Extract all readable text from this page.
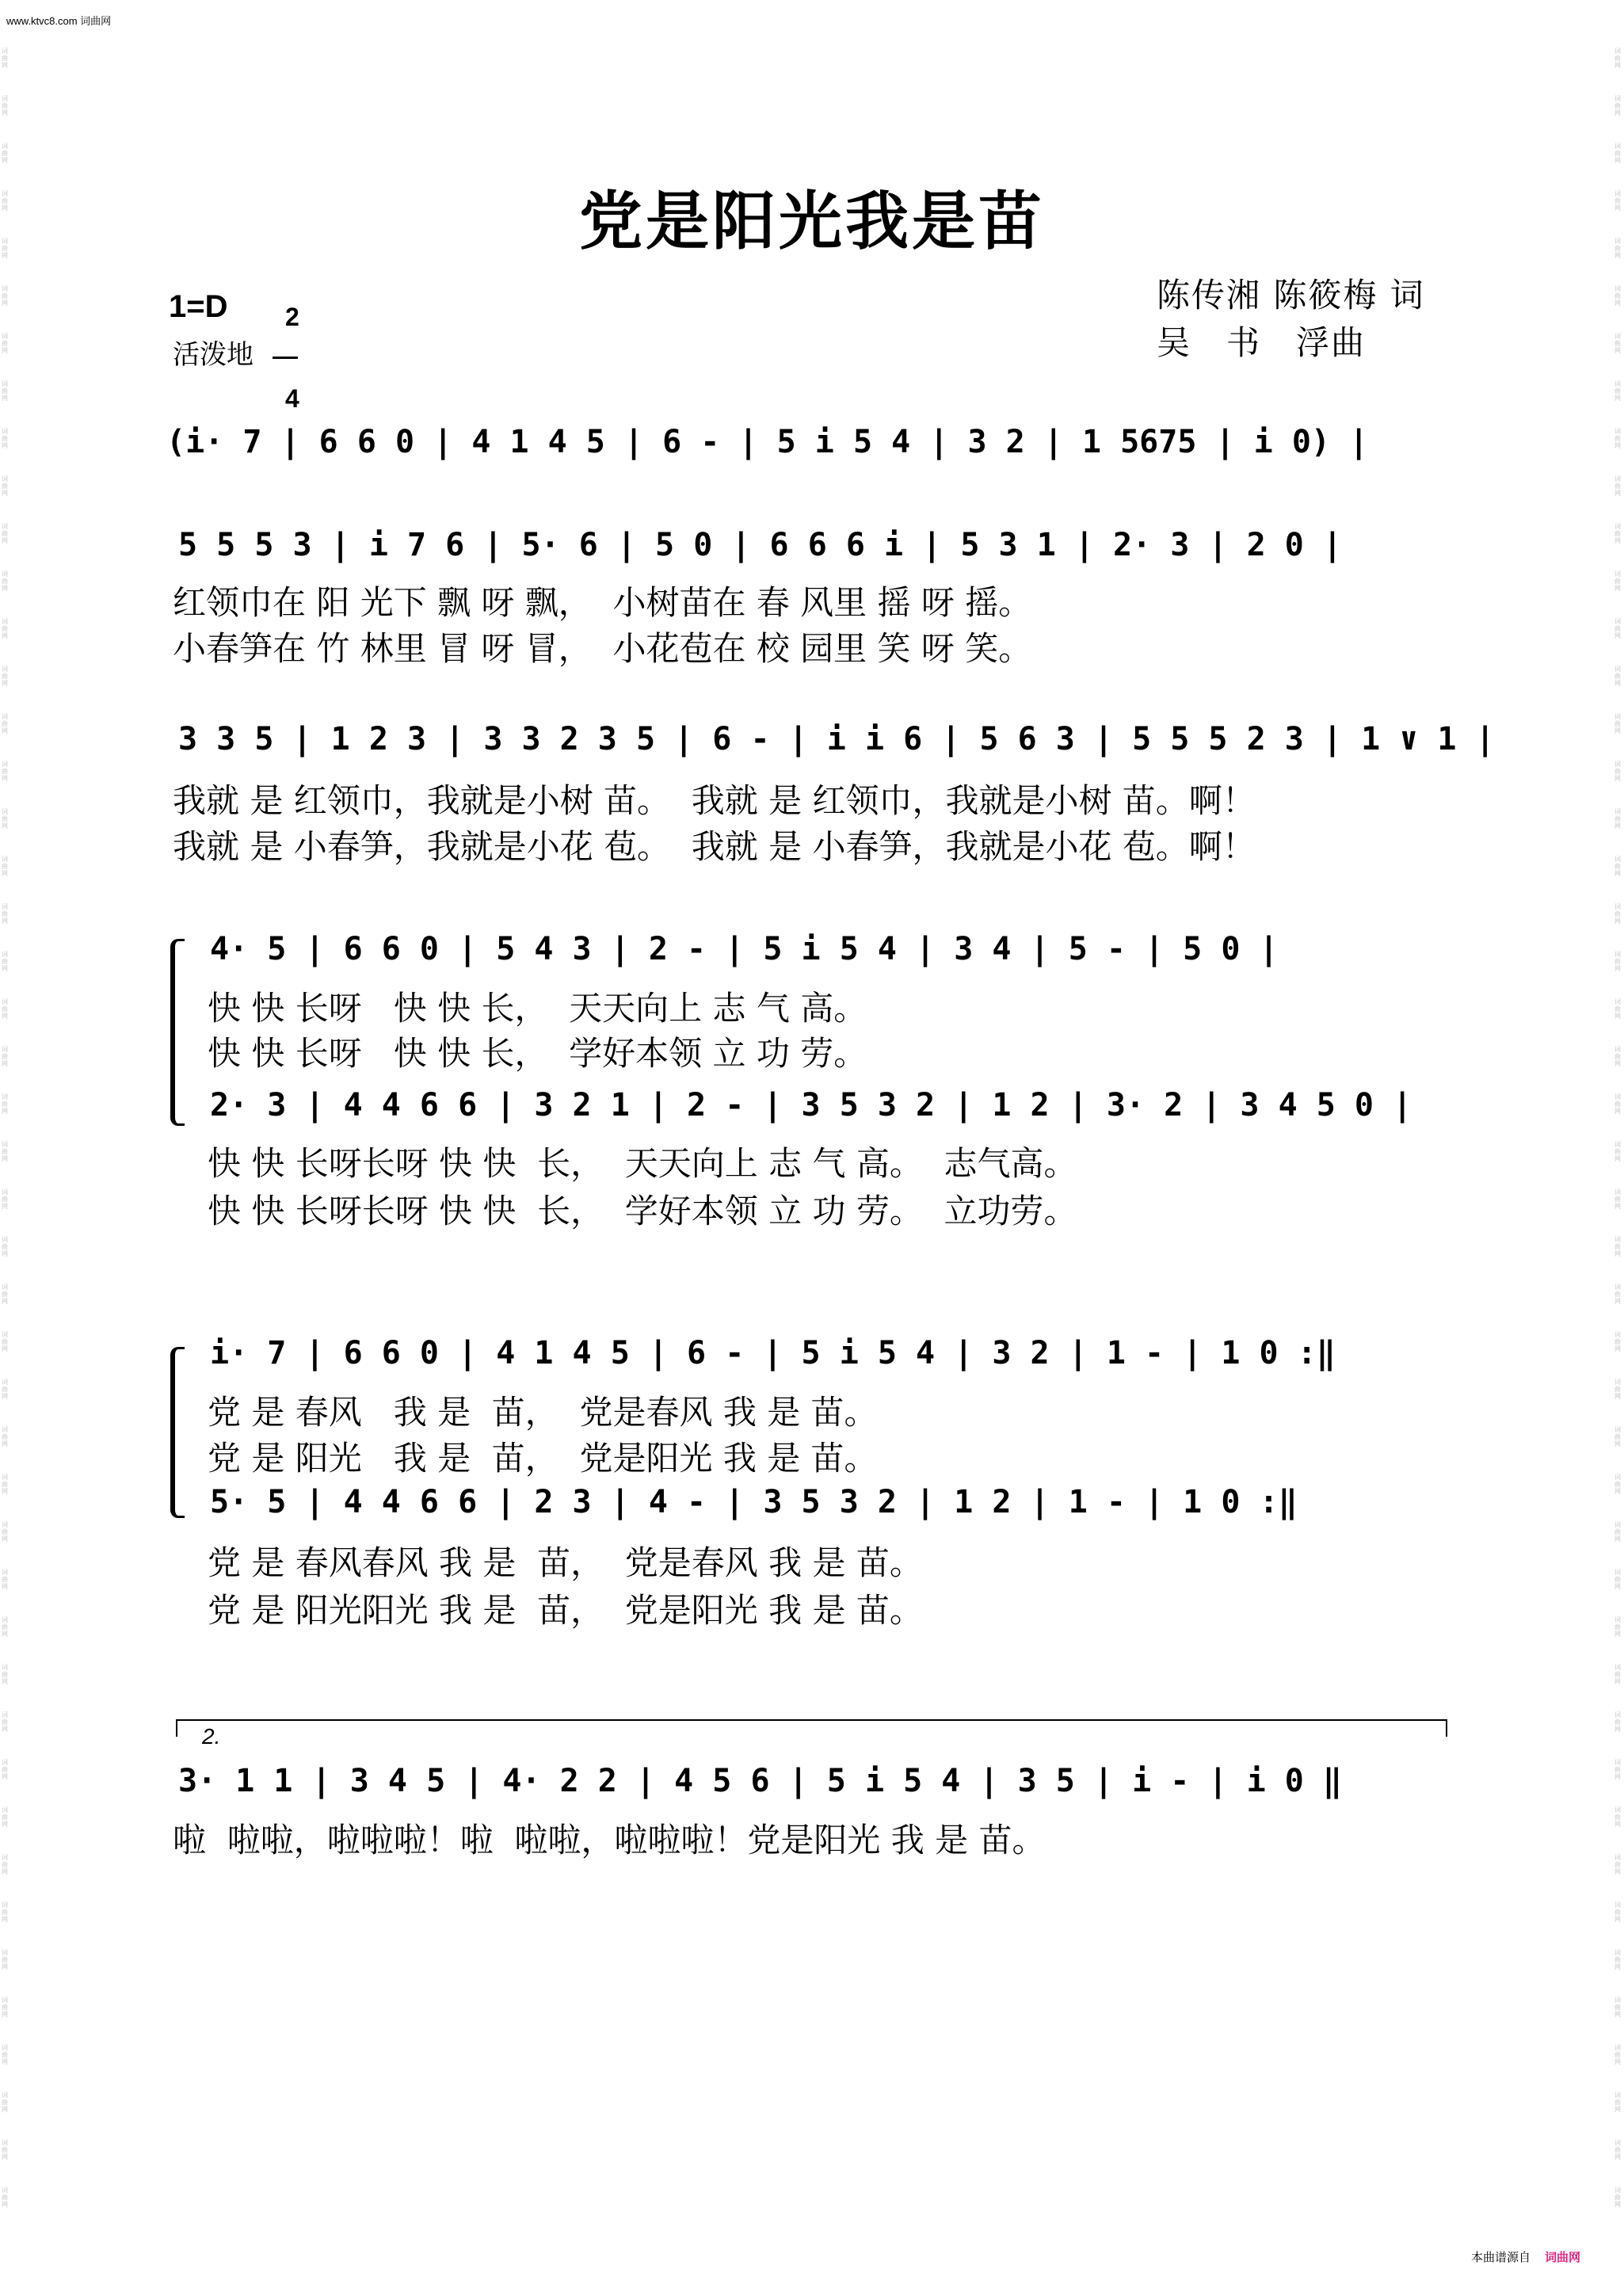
www.ktvc8.com 词曲网
本曲谱源自 词曲网
词 曲 网
词 曲 网
词 曲 网
词 曲 网
词 曲 网
词 曲 网
词 曲 网
词 曲 网
词 曲 网
词 曲 网
词 曲 网
词 曲 网
词 曲 网
词 曲 网
词 曲 网
词 曲 网
词 曲 网
词 曲 网
词 曲 网
词 曲 网
词 曲 网
词 曲 网
词 曲 网
词 曲 网
词 曲 网
词 曲 网
词 曲 网
词 曲 网
词 曲 网
词 曲 网
词 曲 网
词 曲 网
词 曲 网
词 曲 网
词 曲 网
词 曲 网
词 曲 网
词 曲 网
词 曲 网
词 曲 网
词 曲 网
词 曲 网
词 曲 网
词 曲 网
词 曲 网
词 曲 网
词 曲 网
词 曲 网
词 曲 网
词 曲 网
词 曲 网
词 曲 网
词 曲 网
词 曲 网
词 曲 网
词 曲 网
词 曲 网
词 曲 网
词 曲 网
词 曲 网
词 曲 网
词 曲 网
词 曲 网
词 曲 网
词 曲 网
词 曲 网
词 曲 网
词 曲 网
词 曲 网
词 曲 网
词 曲 网
词 曲 网
词 曲 网
词 曲 网
词 曲 网
词 曲 网
词 曲 网
词 曲 网
词 曲 网
词 曲 网
词 曲 网
词 曲 网
词 曲 网
词 曲 网
词 曲 网
词 曲 网
词 曲 网
词 曲 网
词 曲 网
词 曲 网
词 曲 网
词 曲 网
党是阳光我是苗
1=D	2

4

活泼地
陈传湘 陈筱梅 词
吴　书　浮曲
(i· 7 | 6 6 0 | 4 1 4 5 | 6 - | 5 i 5 4 | 3 2 | 1 5675 | i 0) |
5 5 5 3 | i 7 6 | 5· 6 | 5 0 | 6 6 6 i | 5 3 1 | 2· 3 | 2 0 |
红领巾在 阳 光下 飘 呀 飘，  小树苗在 春 风里 摇 呀 摇。
小春笋在 竹 林里 冒 呀 冒，  小花苞在 校 园里 笑 呀 笑。
3 3 5 | 1 2 3 | 3 3 2 3 5 | 6 - | i i 6 | 5 6 3 | 5 5 5 2 3 | 1 ∨ 1 |
我就 是 红领巾，我就是小树 苗。  我就 是 红领巾，我就是小树 苗。啊！
我就 是 小春笋，我就是小花 苞。  我就 是 小春笋，我就是小花 苞。啊！
4· 5 | 6 6 0 | 5 4 3 | 2 - | 5 i 5 4 | 3 4 | 5 - | 5 0 |
快 快 长呀   快 快 长，  天天向上 志 气 高。
快 快 长呀   快 快 长，  学好本领 立 功 劳。
2· 3 | 4 4 6 6 | 3 2 1 | 2 - | 3 5 3 2 | 1 2 | 3· 2 | 3 4 5 0 |
快 快 长呀长呀 快 快  长，  天天向上 志 气 高。  志气高。
快 快 长呀长呀 快 快  长，  学好本领 立 功 劳。  立功劳。
i· 7 | 6 6 0 | 4 1 4 5 | 6 - | 5 i 5 4 | 3 2 | 1 - | 1 0 :‖
党 是 春风   我 是  苗，  党是春风 我 是 苗。
党 是 阳光   我 是  苗，  党是阳光 我 是 苗。
5· 5 | 4 4 6 6 | 2 3 | 4 - | 3 5 3 2 | 1 2 | 1 - | 1 0 :‖
党 是 春风春风 我 是  苗，  党是春风 我 是 苗。
党 是 阳光阳光 我 是  苗，  党是阳光 我 是 苗。
2.
3· 1 1 | 3 4 5 | 4· 2 2 | 4 5 6 | 5 i 5 4 | 3 5 | i - | i 0 ‖
啦  啦啦，啦啦啦！啦  啦啦，啦啦啦！党是阳光 我 是 苗。
